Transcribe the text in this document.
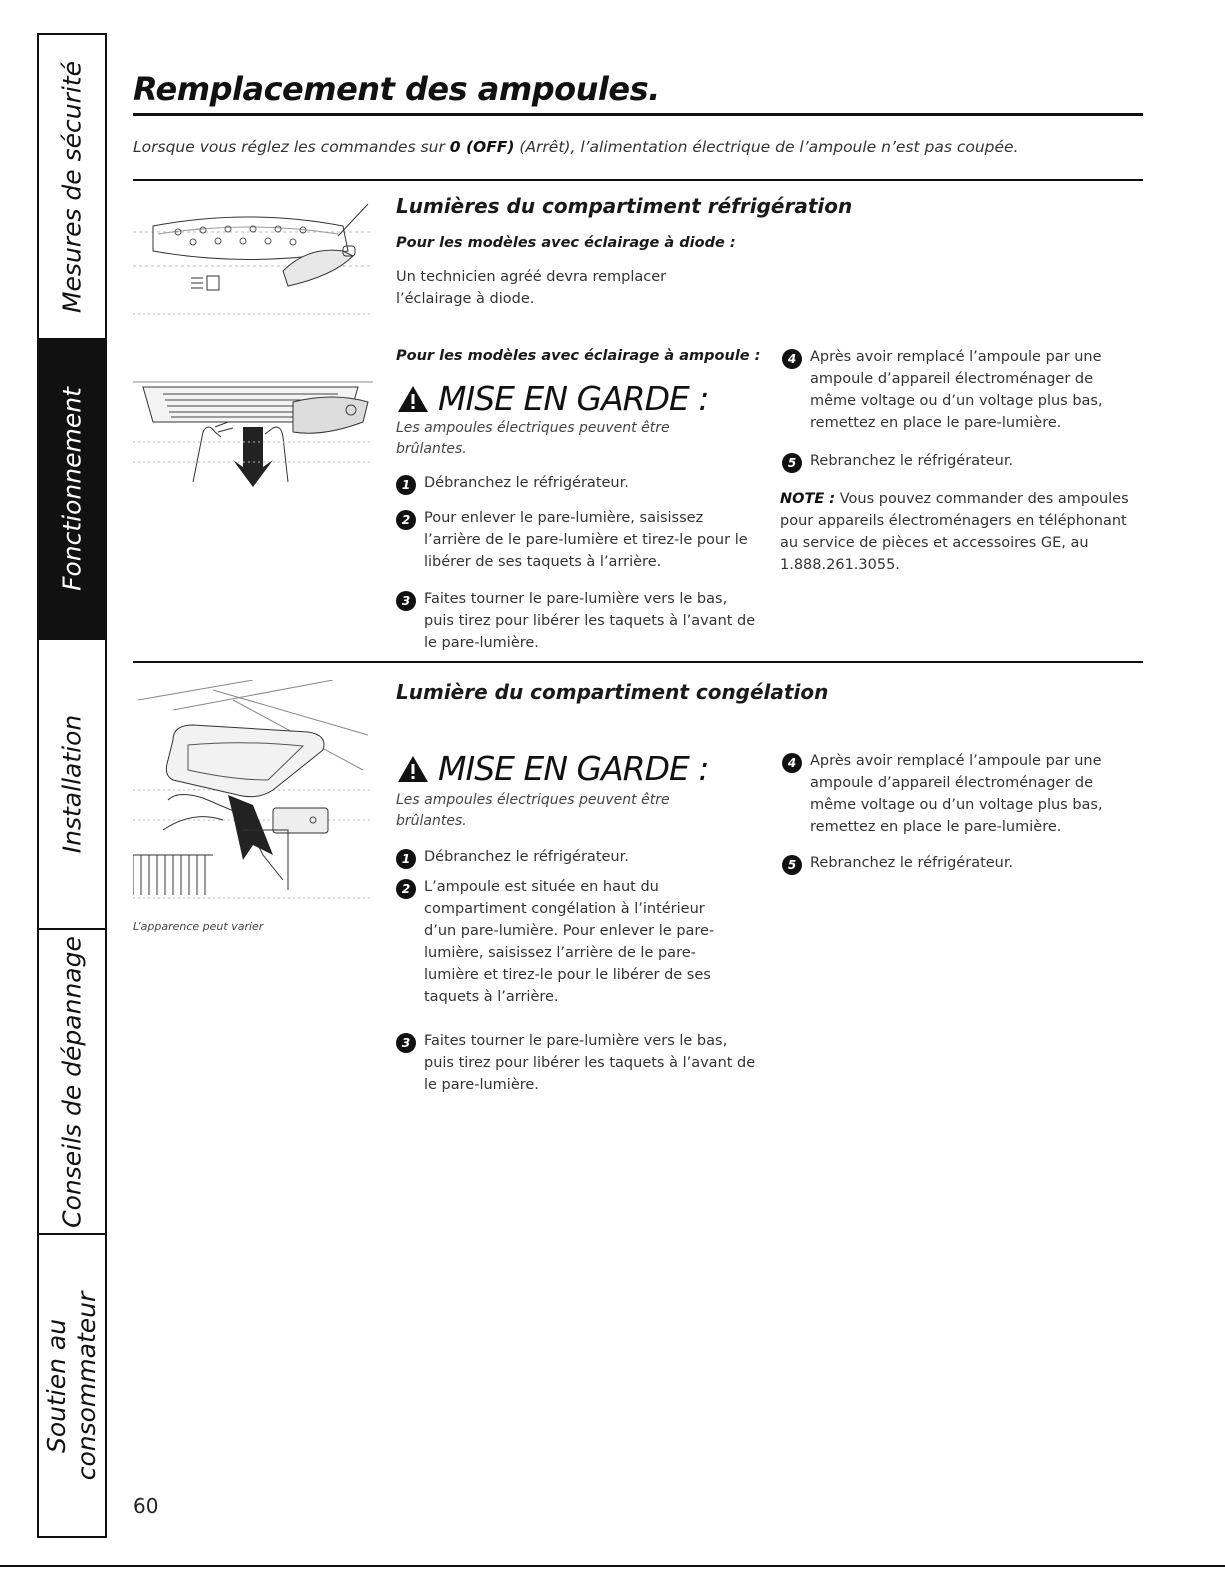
Mesures de sécurité
Fonctionnement
Installation
Conseils de dépannage
Soutien au
consommateur
Remplacement des ampoules.
Lorsque vous réglez les commandes sur 0 (OFF) (Arrêt), l’alimentation électrique de l’ampoule n’est pas coupée.
Lumières du compartiment réfrigération
Pour les modèles avec éclairage à diode :
Un technicien agréé devra remplacer l’éclairage à diode.
Pour les modèles avec éclairage à ampoule :
MISE EN GARDE :
Les ampoules électriques peuvent être brûlantes.
1 Débranchez le réfrigérateur.
2 Pour enlever le pare-lumière, saisissez l’arrière de le pare-lumière et tirez-le pour le libérer de ses taquets à l’arrière.
3 Faites tourner le pare-lumière vers le bas, puis tirez pour libérer les taquets à l’avant de le pare-lumière.
4 Après avoir remplacé l’ampoule par une ampoule d’appareil électroménager de même voltage ou d’un voltage plus bas, remettez en place le pare-lumière.
5 Rebranchez le réfrigérateur.
NOTE : Vous pouvez commander des ampoules pour appareils électroménagers en téléphonant au service de pièces et accessoires GE, au 1.888.261.3055.
Lumière du compartiment congélation
L’apparence peut varier
MISE EN GARDE :
Les ampoules électriques peuvent être brûlantes.
1 Débranchez le réfrigérateur.
2 L’ampoule est située en haut du compartiment congélation à l’intérieur d’un pare-lumière. Pour enlever le pare-lumière, saisissez l’arrière de le pare-lumière et tirez-le pour le libérer de ses taquets à l’arrière.
3 Faites tourner le pare-lumière vers le bas, puis tirez pour libérer les taquets à l’avant de le pare-lumière.
4 Après avoir remplacé l’ampoule par une ampoule d’appareil électroménager de même voltage ou d’un voltage plus bas, remettez en place le pare-lumière.
5 Rebranchez le réfrigérateur.
60
